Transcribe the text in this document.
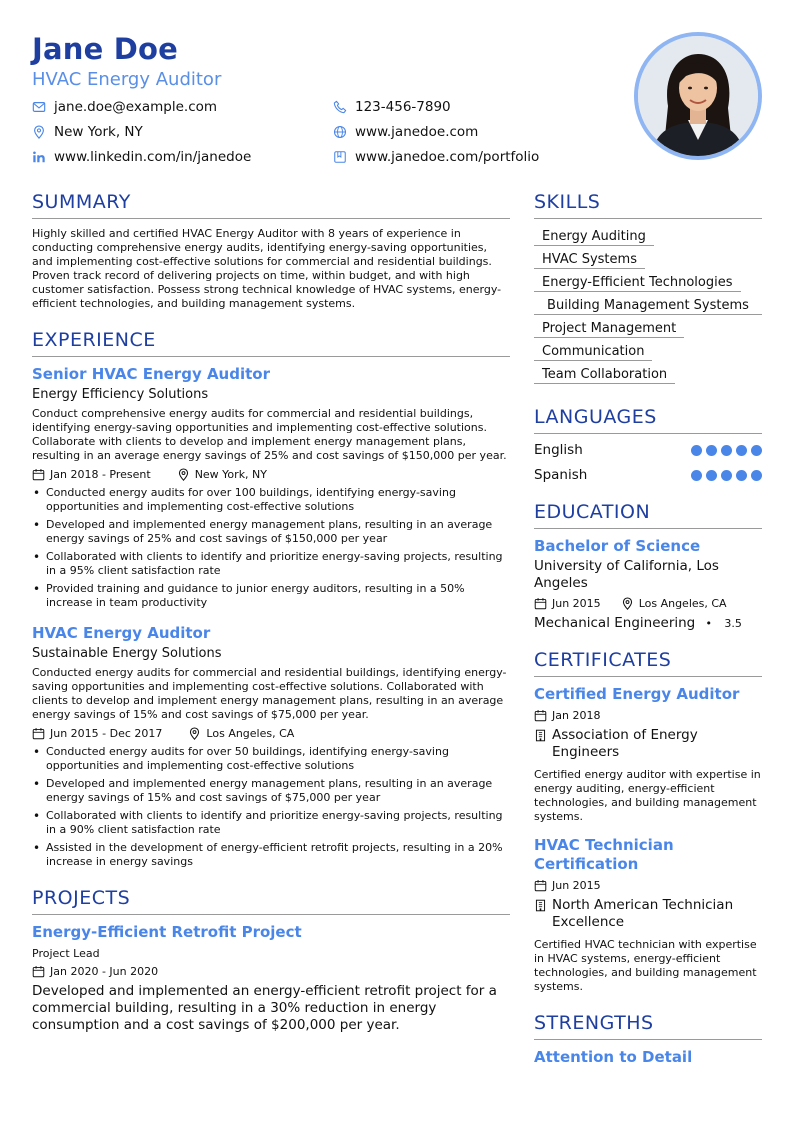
Jane Doe
HVAC Energy Auditor
jane.doe@example.com	123-456-7890
New York, NY	www.janedoe.com
www.linkedin.com/in/janedoe	www.janedoe.com/portfolio
SUMMARY
Highly skilled and certified HVAC Energy Auditor with 8 years of experience in conducting comprehensive energy audits, identifying energy-saving opportunities, and implementing cost-effective solutions for commercial and residential buildings. Proven track record of delivering projects on time, within budget, and with high customer satisfaction. Possess strong technical knowledge of HVAC systems, energy-efficient technologies, and building management systems.
EXPERIENCE
Senior HVAC Energy Auditor
Energy Efficiency Solutions
Conduct comprehensive energy audits for commercial and residential buildings, identifying energy-saving opportunities and implementing cost-effective solutions. Collaborate with clients to develop and implement energy management plans, resulting in an average energy savings of 25% and cost savings of $150,000 per year.
Jan 2018 - Present	New York, NY
• Conducted energy audits for over 100 buildings, identifying energy-saving opportunities and implementing cost-effective solutions
• Developed and implemented energy management plans, resulting in an average energy savings of 25% and cost savings of $150,000 per year
• Collaborated with clients to identify and prioritize energy-saving projects, resulting in a 95% client satisfaction rate
• Provided training and guidance to junior energy auditors, resulting in a 50% increase in team productivity
HVAC Energy Auditor
Sustainable Energy Solutions
Conducted energy audits for commercial and residential buildings, identifying energy-saving opportunities and implementing cost-effective solutions. Collaborated with clients to develop and implement energy management plans, resulting in an average energy savings of 15% and cost savings of $75,000 per year.
Jun 2015 - Dec 2017	Los Angeles, CA
• Conducted energy audits for over 50 buildings, identifying energy-saving opportunities and implementing cost-effective solutions
• Developed and implemented energy management plans, resulting in an average energy savings of 15% and cost savings of $75,000 per year
• Collaborated with clients to identify and prioritize energy-saving projects, resulting in a 90% client satisfaction rate
• Assisted in the development of energy-efficient retrofit projects, resulting in a 20% increase in energy savings
PROJECTS
Energy-Efficient Retrofit Project
Project Lead
Jan 2020 - Jun 2020
Developed and implemented an energy-efficient retrofit project for a commercial building, resulting in a 30% reduction in energy consumption and a cost savings of $200,000 per year.
SKILLS
Energy Auditing
HVAC Systems
Energy-Efficient Technologies
Building Management Systems
Project Management
Communication
Team Collaboration
LANGUAGES
English
Spanish
EDUCATION
Bachelor of Science
University of California, Los Angeles
Jun 2015	Los Angeles, CA
Mechanical Engineering • 3.5
CERTIFICATES
Certified Energy Auditor
Jan 2018
Association of Energy Engineers
Certified energy auditor with expertise in energy auditing, energy-efficient technologies, and building management systems.
HVAC Technician Certification
Jun 2015
North American Technician Excellence
Certified HVAC technician with expertise in HVAC systems, energy-efficient technologies, and building management systems.
STRENGTHS
Attention to Detail
